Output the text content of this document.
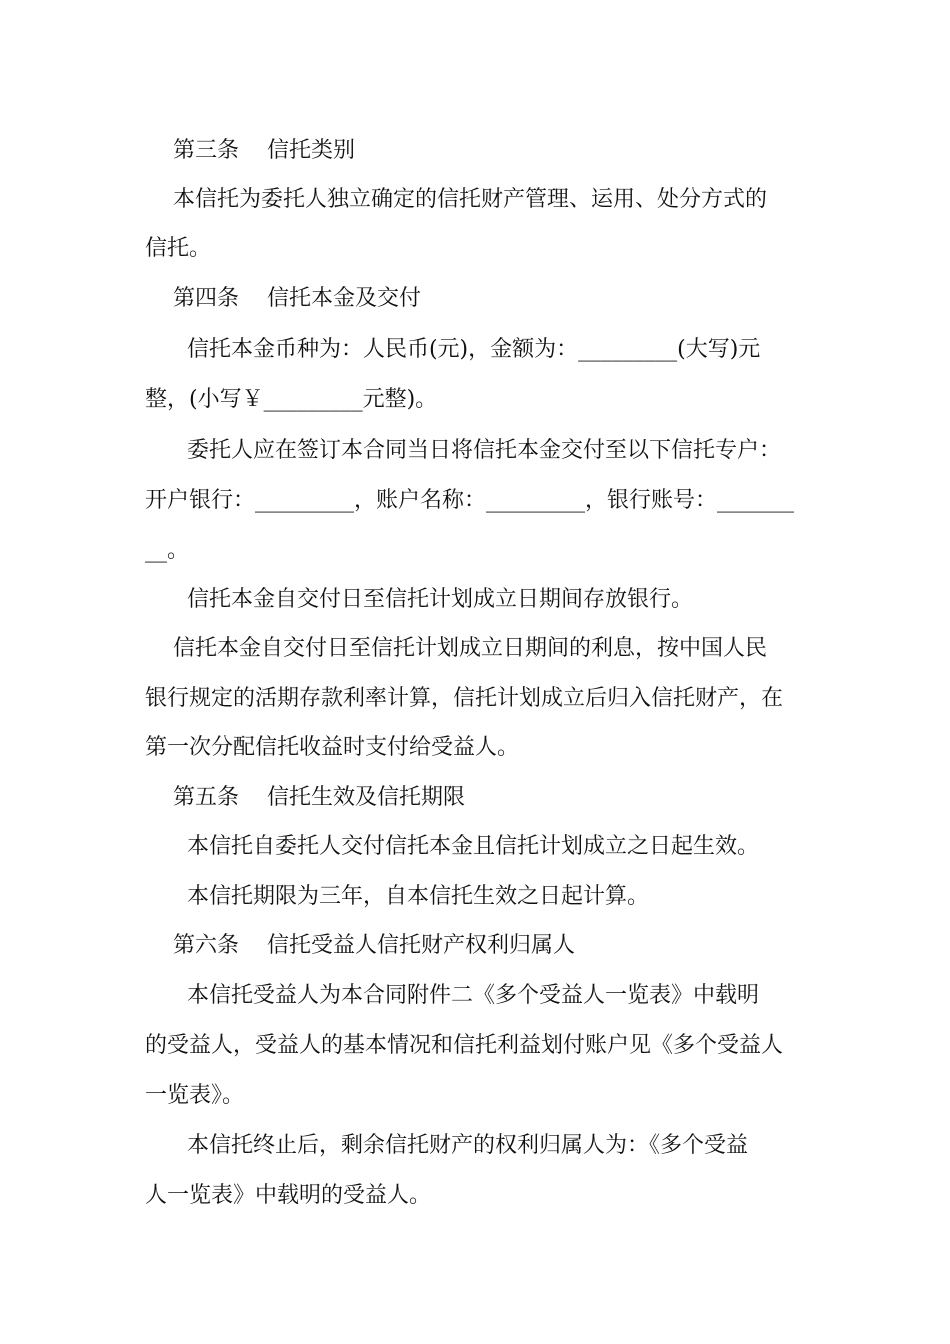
第三条    信托类别
本信托为委托人独立确定的信托财产管理、运用、处分方式的
信托。
第四条    信托本金及交付
信托本金币种为：人民币(元)，金额为：_________(大写)元
整，(小写￥_________元整)。
委托人应在签订本合同当日将信托本金交付至以下信托专户：
开户银行：_________，账户名称：_________，银行账号：_______
__。
信托本金自交付日至信托计划成立日期间存放银行。
信托本金自交付日至信托计划成立日期间的利息，按中国人民
银行规定的活期存款利率计算，信托计划成立后归入信托财产，在
第一次分配信托收益时支付给受益人。
第五条    信托生效及信托期限
本信托自委托人交付信托本金且信托计划成立之日起生效。
本信托期限为三年，自本信托生效之日起计算。
第六条    信托受益人信托财产权利归属人
本信托受益人为本合同附件二《多个受益人一览表》中载明
的受益人，受益人的基本情况和信托利益划付账户见《多个受益人
一览表》。
本信托终止后，剩余信托财产的权利归属人为：《多个受益
人一览表》中载明的受益人。
